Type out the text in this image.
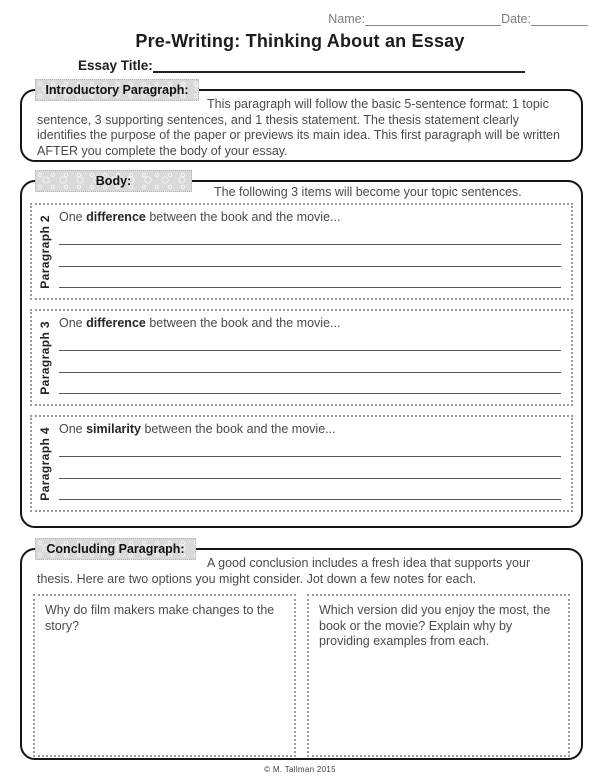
Name:	Date:
Pre-Writing: Thinking About an Essay
Essay Title:
Introductory Paragraph:
This paragraph will follow the basic 5-sentence format: 1 topic sentence, 3 supporting sentences, and 1 thesis statement. The thesis statement clearly identifies the purpose of the paper or previews its main idea. This first paragraph will be written AFTER you complete the body of your essay.
Body:
The following 3 items will become your topic sentences.
Paragraph 2 One difference between the book and the movie...
Paragraph 3 One difference between the book and the movie...
Paragraph 4 One similarity between the book and the movie...
Concluding Paragraph:
A good conclusion includes a fresh idea that supports your thesis. Here are two options you might consider. Jot down a few notes for each.
Why do film makers make changes to the story?
Which version did you enjoy the most, the book or the movie? Explain why by providing examples from each.
© M. Tallman 2015
